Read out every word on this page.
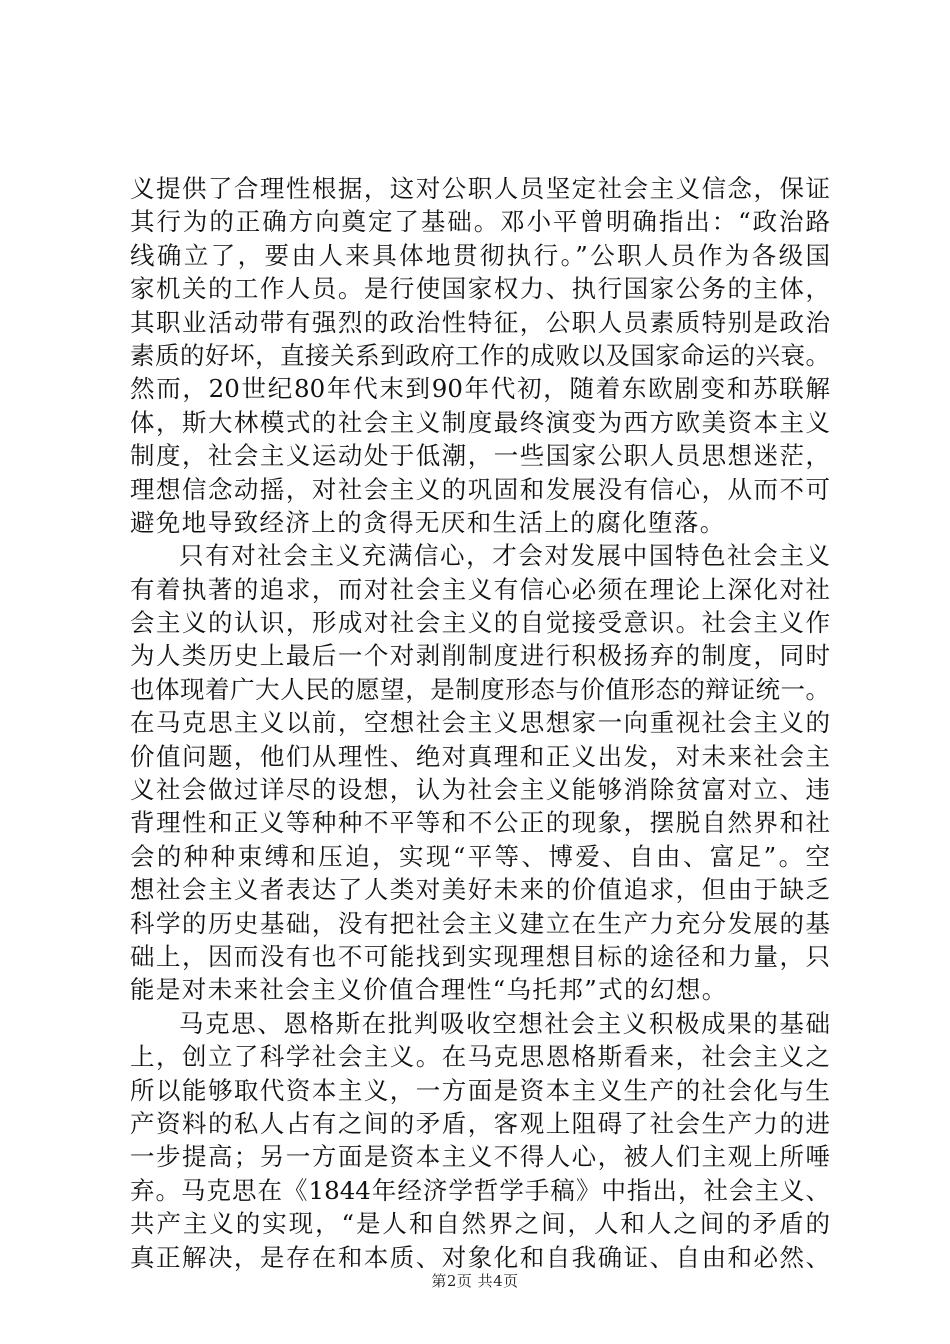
义提供了合理性根据，这对公职人员坚定社会主义信念，保证
其行为的正确方向奠定了基础。邓小平曾明确指出：“政治路
线确立了，要由人来具体地贯彻执行。”公职人员作为各级国
家机关的工作人员。是行使国家权力、执行国家公务的主体，
其职业活动带有强烈的政治性特征，公职人员素质特别是政治
素质的好坏，直接关系到政府工作的成败以及国家命运的兴衰。
然而，20世纪80年代末到90年代初，随着东欧剧变和苏联解
体，斯大林模式的社会主义制度最终演变为西方欧美资本主义
制度，社会主义运动处于低潮，一些国家公职人员思想迷茫，
理想信念动摇，对社会主义的巩固和发展没有信心，从而不可
避免地导致经济上的贪得无厌和生活上的腐化堕落。
只有对社会主义充满信心，才会对发展中国特色社会主义
有着执著的追求，而对社会主义有信心必须在理论上深化对社
会主义的认识，形成对社会主义的自觉接受意识。社会主义作
为人类历史上最后一个对剥削制度进行积极扬弃的制度，同时
也体现着广大人民的愿望，是制度形态与价值形态的辩证统一。
在马克思主义以前，空想社会主义思想家一向重视社会主义的
价值问题，他们从理性、绝对真理和正义出发，对未来社会主
义社会做过详尽的设想，认为社会主义能够消除贫富对立、违
背理性和正义等种种不平等和不公正的现象，摆脱自然界和社
会的种种束缚和压迫，实现“平等、博爱、自由、富足”。空
想社会主义者表达了人类对美好未来的价值追求，但由于缺乏
科学的历史基础，没有把社会主义建立在生产力充分发展的基
础上，因而没有也不可能找到实现理想目标的途径和力量，只
能是对未来社会主义价值合理性“乌托邦”式的幻想。
马克思、恩格斯在批判吸收空想社会主义积极成果的基础
上，创立了科学社会主义。在马克思恩格斯看来，社会主义之
所以能够取代资本主义，一方面是资本主义生产的社会化与生
产资料的私人占有之间的矛盾，客观上阻碍了社会生产力的进
一步提高；另一方面是资本主义不得人心，被人们主观上所唾
弃。马克思在《1844年经济学哲学手稿》中指出，社会主义、
共产主义的实现，“是人和自然界之间，人和人之间的矛盾的
真正解决，是存在和本质、对象化和自我确证、自由和必然、
第2页 共4页
